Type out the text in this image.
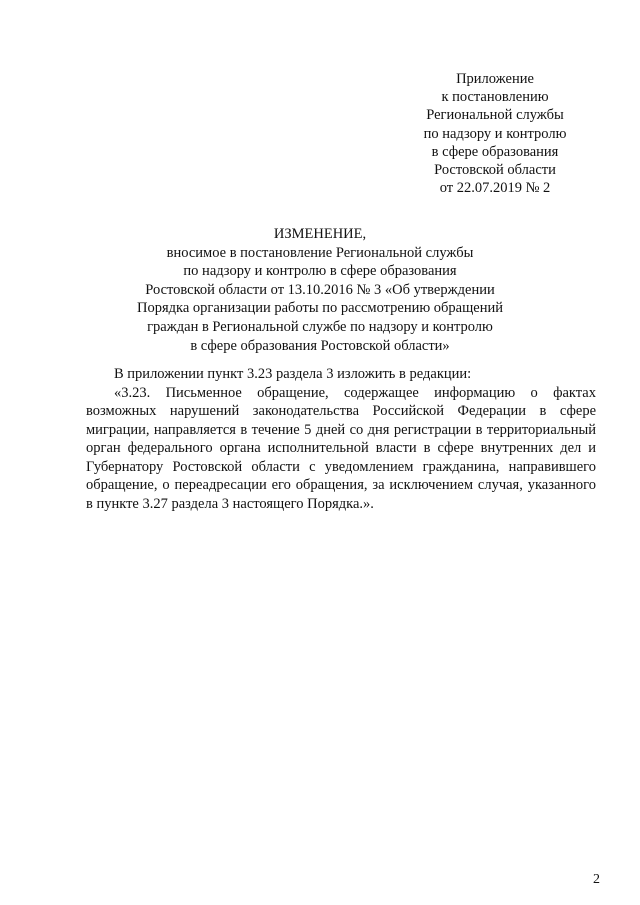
Приложение
к постановлению
Региональной службы
по надзору и контролю
в сфере образования
Ростовской области
от 22.07.2019 № 2
ИЗМЕНЕНИЕ,
вносимое в постановление Региональной службы
по надзору и контролю в сфере образования
Ростовской области от 13.10.2016 № 3 «Об утверждении
Порядка организации работы по рассмотрению обращений
граждан в Региональной службе по надзору и контролю
в сфере образования Ростовской области»

В приложении пункт 3.23 раздела 3 изложить в редакции:

«3.23. Письменное обращение, содержащее информацию о фактах возможных нарушений законодательства Российской Федерации в сфере миграции, направляется в течение 5 дней со дня регистрации в территориальный орган федерального органа исполнительной власти в сфере внутренних дел и Губернатору Ростовской области с уведомлением гражданина, направившего обращение, о переадресации его обращения, за исключением случая, указанного в пункте 3.27 раздела 3 настоящего Порядка.».

2
